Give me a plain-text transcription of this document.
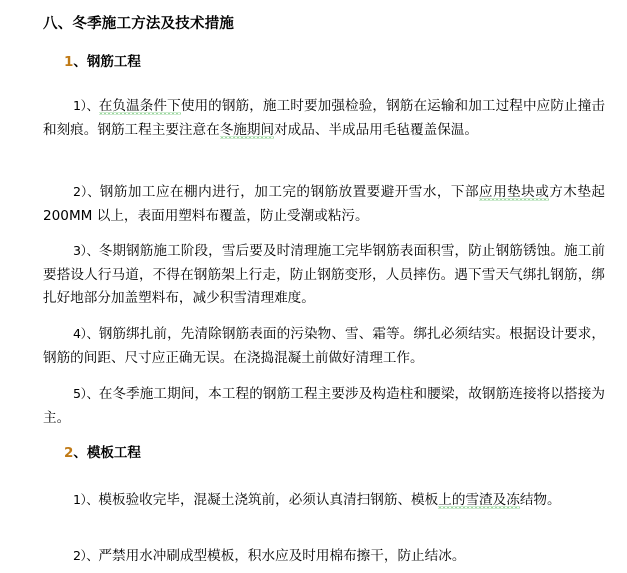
八、冬季施工方法及技术措施
1、钢筋工程
1）、在负温条件下使用的钢筋，施工时要加强检验，钢筋在运输和加工过程中应防止撞击和刻痕。钢筋工程主要注意在冬施期间对成品、半成品用毛毡覆盖保温。
2）、钢筋加工应在棚内进行，加工完的钢筋放置要避开雪水，下部应用垫块或方木垫起 200MM 以上，表面用塑料布覆盖，防止受潮或粘污。
3）、冬期钢筋施工阶段，雪后要及时清理施工完毕钢筋表面积雪，防止钢筋锈蚀。施工前要搭设人行马道，不得在钢筋架上行走，防止钢筋变形，人员摔伤。遇下雪天气绑扎钢筋，绑扎好地部分加盖塑料布，减少积雪清理难度。
4）、钢筋绑扎前，先清除钢筋表面的污染物、雪、霜等。绑扎必须结实。根据设计要求，钢筋的间距、尺寸应正确无误。在浇捣混凝土前做好清理工作。
5）、在冬季施工期间，本工程的钢筋工程主要涉及构造柱和腰梁，故钢筋连接将以搭接为主。
2、模板工程
1）、模板验收完毕，混凝土浇筑前，必须认真清扫钢筋、模板上的雪渣及冻结物。
2）、严禁用水冲刷成型模板，积水应及时用棉布擦干，防止结冰。
